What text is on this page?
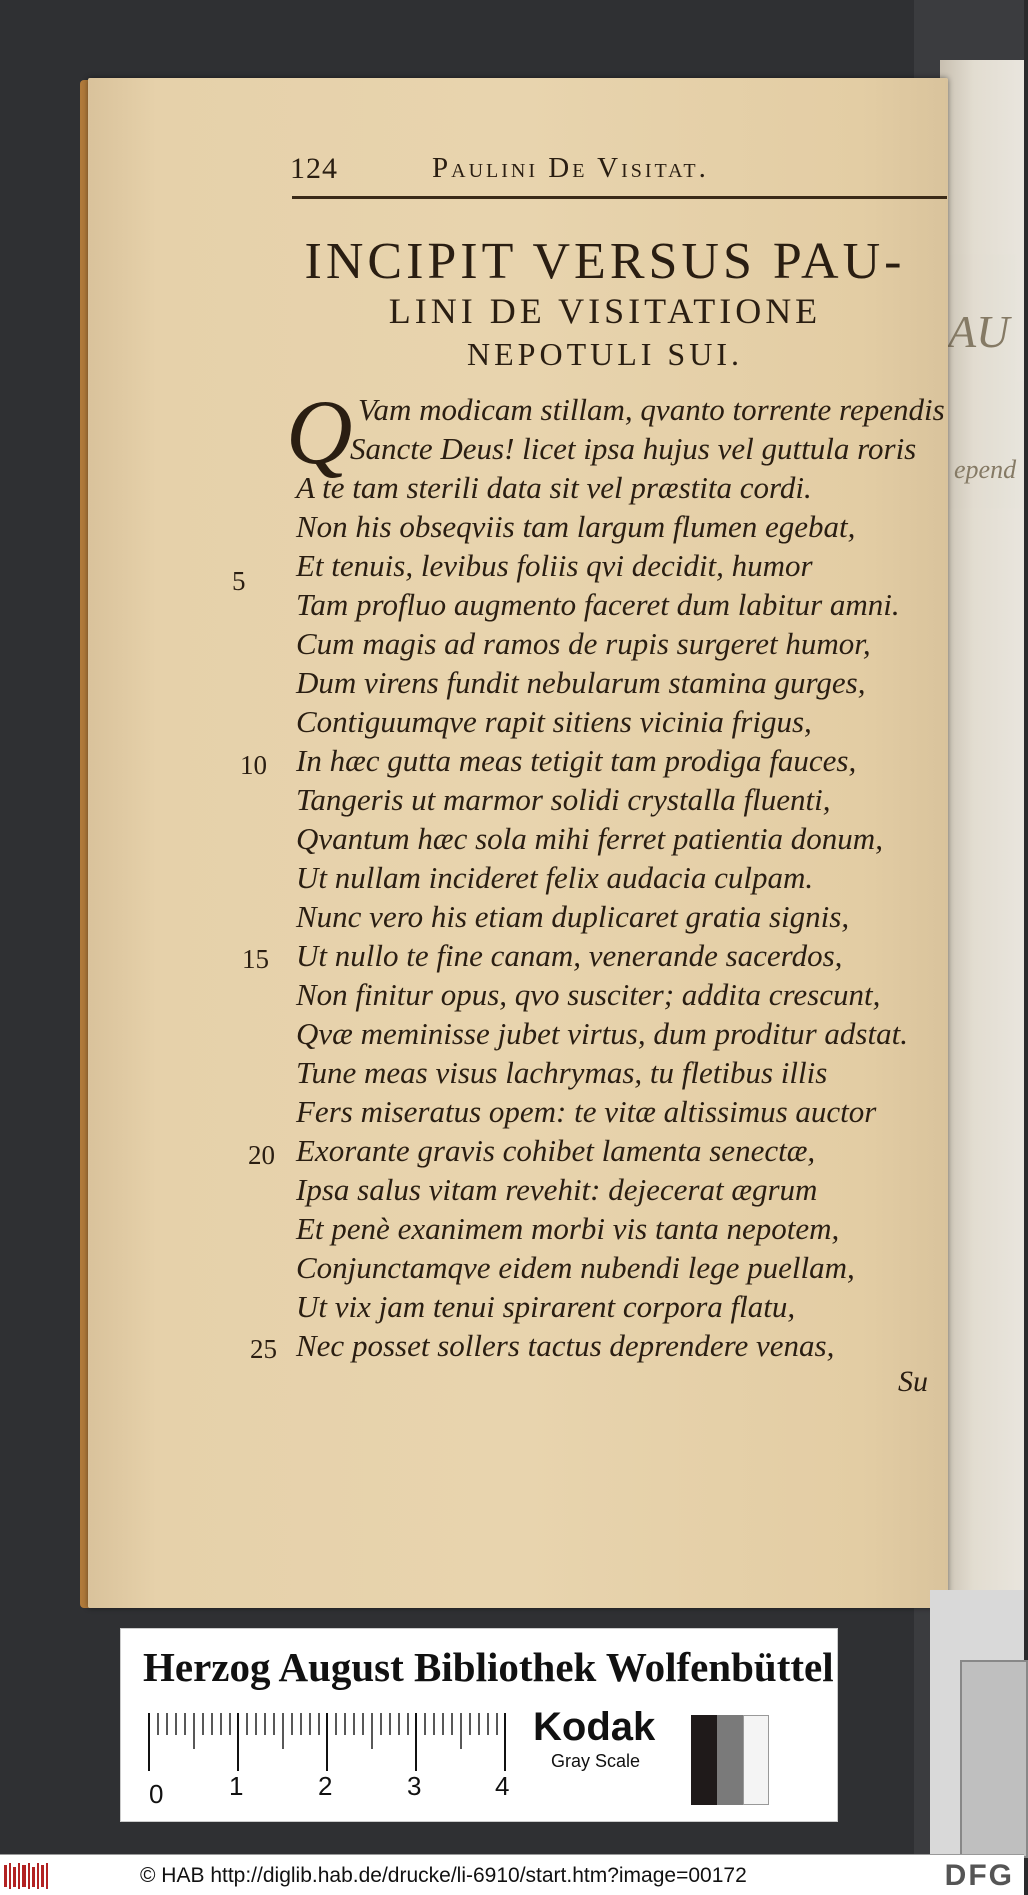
AU
epend
124	Paulini De Visitat.
INCIPIT VERSUS PAU-
LINI DE VISITATIONE
NEPOTULI SUI.
Q Vam modicam stillam, qvanto torrente rependis
Sancte Deus! licet ipsa hujus vel guttula roris
A te tam sterili data sit vel præstita cordi.
Non his obseqviis tam largum flumen egebat,
Et tenuis, levibus foliis qvi decidit, humor
Tam profluo augmento faceret dum labitur amni.
Cum magis ad ramos de rupis surgeret humor,
Dum virens fundit nebularum stamina gurges,
Contiguumqve rapit sitiens vicinia frigus,
In hæc gutta meas tetigit tam prodiga fauces,
Tangeris ut marmor solidi crystalla fluenti,
Qvantum hæc sola mihi ferret patientia donum,
Ut nullam incideret felix audacia culpam.
Nunc vero his etiam duplicaret gratia signis,
Ut nullo te fine canam, venerande sacerdos,
Non finitur opus, qvo susciter; addita crescunt,
Qvæ meminisse jubet virtus, dum proditur adstat.
Tune meas visus lachrymas, tu fletibus illis
Fers miseratus opem: te vitæ altissimus auctor
Exorante gravis cohibet lamenta senectæ,
Ipsa salus vitam revehit: dejecerat ægrum
Et penè exanimem morbi vis tanta nepotem,
Conjunctamqve eidem nubendi lege puellam,
Ut vix jam tenui spirarent corpora flatu,
Nec posset sollers tactus deprendere venas,
5
10
15
20
25
Su
Herzog August Bibliothek Wolfenbüttel
0	1	2	3	4
Kodak
Gray Scale
© HAB http://diglib.hab.de/drucke/li-6910/start.htm?image=00172	DFG
